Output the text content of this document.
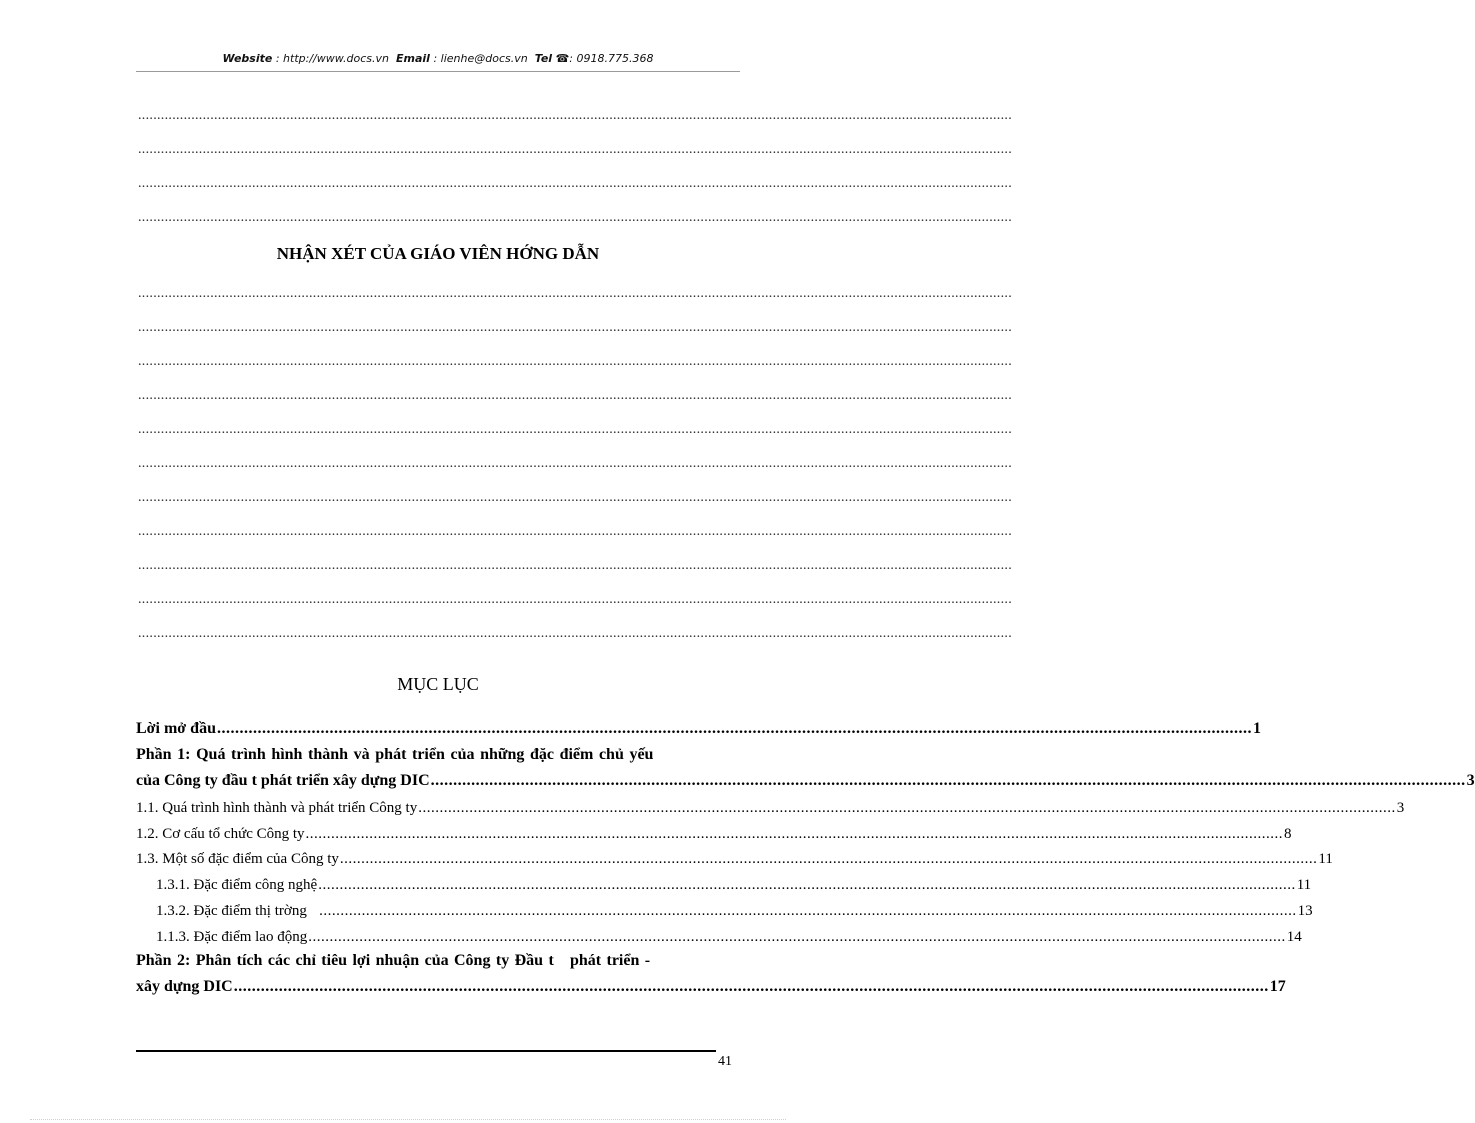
Website : http://www.docs.vn Email : lienhe@docs.vn Tel ☎: 0918.775.368
......................................................................................................................................................................................................................................
......................................................................................................................................................................................................................................
......................................................................................................................................................................................................................................
......................................................................................................................................................................................................................................
NHẬN XÉT CỦA GIÁO VIÊN HỚNG DẪN
......................................................................................................................................................................................................................................
......................................................................................................................................................................................................................................
......................................................................................................................................................................................................................................
......................................................................................................................................................................................................................................
......................................................................................................................................................................................................................................
......................................................................................................................................................................................................................................
......................................................................................................................................................................................................................................
......................................................................................................................................................................................................................................
......................................................................................................................................................................................................................................
......................................................................................................................................................................................................................................
......................................................................................................................................................................................................................................
MỤC LỤC
Lời mở đầu ...................................................................................................................................................................................................................................... 1
Phần 1: Quá trình hình thành và phát triển của những đặc điểm chủ yếu
của Công ty đầu t phát triển xây dựng DIC ...................................................................................................................................................................................................................................... 3
1.1. Quá trình hình thành và phát triển Công ty ...................................................................................................................................................................................................................................... 3
1.2. Cơ cấu tổ chức Công ty ...................................................................................................................................................................................................................................... 8
1.3. Một số đặc điểm của Công ty ...................................................................................................................................................................................................................................... 11
1.3.1. Đặc điểm công nghệ ...................................................................................................................................................................................................................................... 11
1.3.2. Đặc điểm thị trờng ...................................................................................................................................................................................................................................... 13
1.1.3. Đặc điểm lao động ...................................................................................................................................................................................................................................... 14
Phần 2: Phân tích các chỉ tiêu lợi nhuận của Công ty Đầu t   phát triển -
xây dựng DIC ...................................................................................................................................................................................................................................... 17
41
